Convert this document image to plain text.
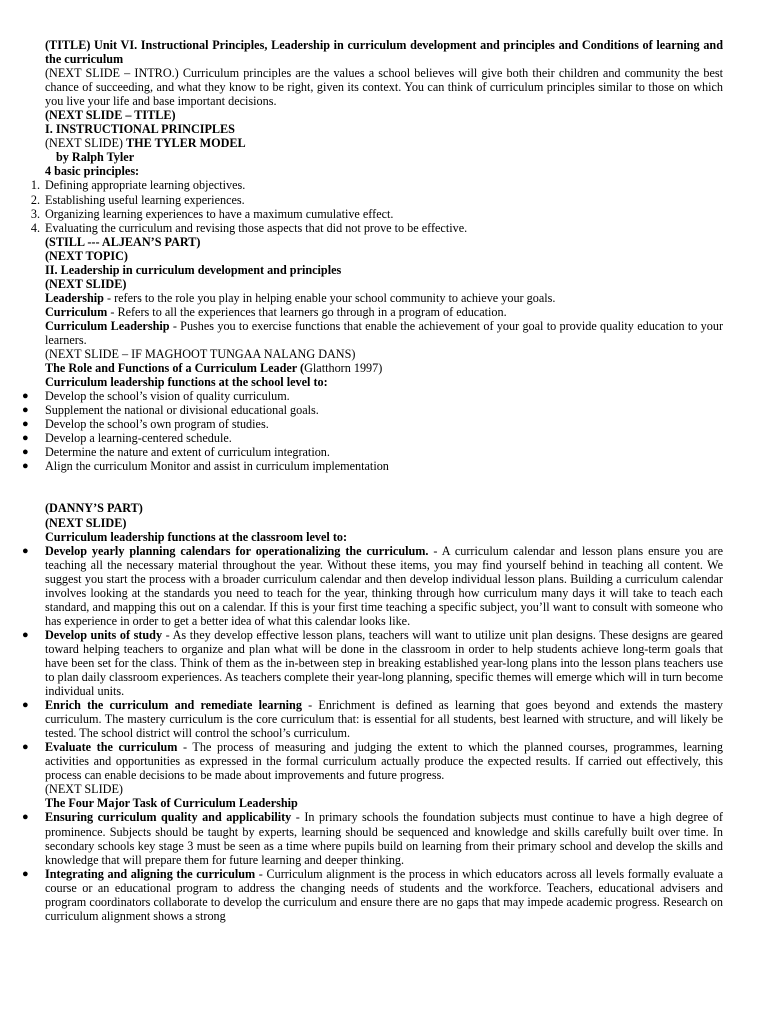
(TITLE) Unit VI. Instructional Principles, Leadership in curriculum development and principles and Conditions of learning and the curriculum

(NEXT SLIDE – INTRO.) Curriculum principles are the values a school believes will give both their children and community the best chance of succeeding, and what they know to be right, given its context. You can think of curriculum principles similar to those on which you live your life and base important decisions.

(NEXT SLIDE – TITLE)

I. INSTRUCTIONAL PRINCIPLES

(NEXT SLIDE) THE TYLER MODEL

by Ralph Tyler

4 basic principles:

1. Defining appropriate learning objectives.
2. Establishing useful learning experiences.
3. Organizing learning experiences to have a maximum cumulative effect.
4. Evaluating the curriculum and revising those aspects that did not prove to be effective.

(STILL --- ALJEAN’S PART)

(NEXT TOPIC)

II. Leadership in curriculum development and principles

(NEXT SLIDE)

Leadership - refers to the role you play in helping enable your school community to achieve your goals.

Curriculum - Refers to all the experiences that learners go through in a program of education.

Curriculum Leadership - Pushes you to exercise functions that enable the achievement of your goal to provide quality education to your learners.

(NEXT SLIDE – IF MAGHOOT TUNGAA NALANG DANS)

The Role and Functions of a Curriculum Leader (Glatthorn 1997)

Curriculum leadership functions at the school level to:

● Develop the school’s vision of quality curriculum.
● Supplement the national or divisional educational goals.
● Develop the school’s own program of studies.
● Develop a learning-centered schedule.
● Determine the nature and extent of curriculum integration.
● Align the curriculum Monitor and assist in curriculum implementation

(DANNY’S PART)

(NEXT SLIDE)

Curriculum leadership functions at the classroom level to:

● Develop yearly planning calendars for operationalizing the curriculum. - A curriculum calendar and lesson plans ensure you are teaching all the necessary material throughout the year. Without these items, you may find yourself behind in teaching all content. We suggest you start the process with a broader curriculum calendar and then develop individual lesson plans. Building a curriculum calendar involves looking at the standards you need to teach for the year, thinking through how curriculum many days it will take to teach each standard, and mapping this out on a calendar. If this is your first time teaching a specific subject, you’ll want to consult with someone who has experience in order to get a better idea of what this calendar looks like.
● Develop units of study - As they develop effective lesson plans, teachers will want to utilize unit plan designs. These designs are geared toward helping teachers to organize and plan what will be done in the classroom in order to help students achieve long-term goals that have been set for the class. Think of them as the in-between step in breaking established year-long plans into the lesson plans teachers use to plan daily classroom experiences. As teachers complete their year-long planning, specific themes will emerge which will in turn become individual units.
● Enrich the curriculum and remediate learning - Enrichment is defined as learning that goes beyond and extends the mastery curriculum. The mastery curriculum is the core curriculum that: is essential for all students, best learned with structure, and will likely be tested. The school district will control the school’s curriculum.
● Evaluate the curriculum - The process of measuring and judging the extent to which the planned courses, programmes, learning activities and opportunities as expressed in the formal curriculum actually produce the expected results. If carried out effectively, this process can enable decisions to be made about improvements and future progress.

(NEXT SLIDE)

The Four Major Task of Curriculum Leadership

● Ensuring curriculum quality and applicability - In primary schools the foundation subjects must continue to have a high degree of prominence. Subjects should be taught by experts, learning should be sequenced and knowledge and skills carefully built over time. In secondary schools key stage 3 must be seen as a time where pupils build on learning from their primary school and develop the skills and knowledge that will prepare them for future learning and deeper thinking.
● Integrating and aligning the curriculum - Curriculum alignment is the process in which educators across all levels formally evaluate a course or an educational program to address the changing needs of students and the workforce. Teachers, educational advisers and program coordinators collaborate to develop the curriculum and ensure there are no gaps that may impede academic progress. Research on curriculum alignment shows a strong
